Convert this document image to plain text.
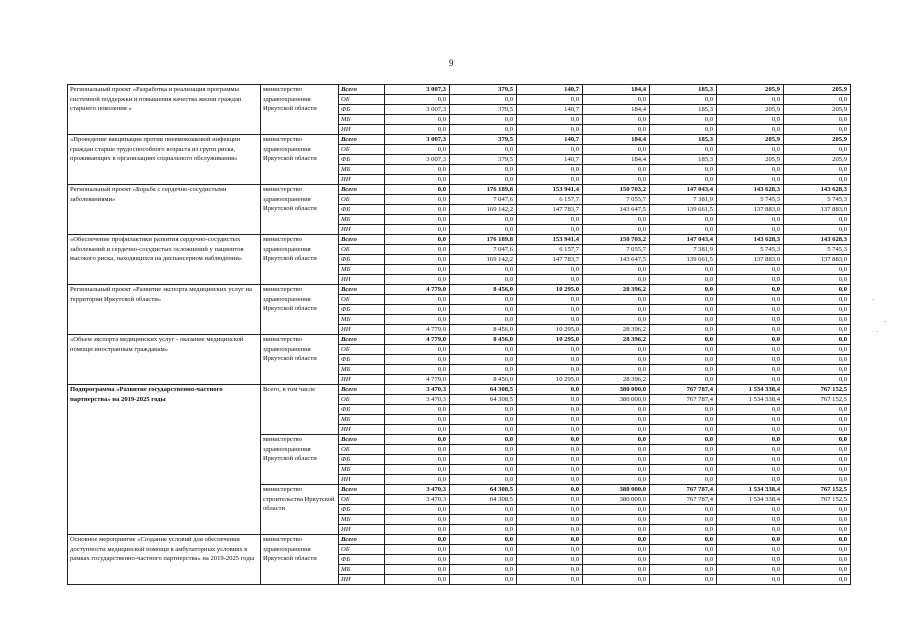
9
Региональный проект «Разработка и реализация программы системной поддержки и повышения качества жизни граждан старшего поколения »	министерство здравоохранения Иркутской области	Всего	3 007,3	379,5	140,7	184,4	185,3	205,9	205,9
		ОБ	0,0	0,0	0,0	0,0	0,0	0,0	0,0
		ФБ	3 007,3	379,5	140,7	184,4	185,3	205,9	205,9
		МБ	0,0	0,0	0,0	0,0	0,0	0,0	0,0
		ИИ	0,0	0,0	0,0	0,0	0,0	0,0	0,0
«Проведение вакцинации против пневмококковой инфекции граждан старше трудоспособного возраста из групп риска, проживающих в организациях социального обслуживания»	министерство здравоохранения Иркутской области	Всего	3 007,3	379,5	140,7	184,4	185,3	205,9	205,9
		ОБ	0,0	0,0	0,0	0,0	0,0	0,0	0,0
		ФБ	3 007,3	379,5	140,7	184,4	185,3	205,9	205,9
		МБ	0,0	0,0	0,0	0,0	0,0	0,0	0,0
		ИИ	0,0	0,0	0,0	0,0	0,0	0,0	0,0
Региональный проект «Борьба с сердечно-сосудистыми заболеваниями»	министерство здравоохранения Иркутской области	Всего	0,0	176 189,8	153 941,4	150 703,2	147 043,4	143 628,3	143 628,3
		ОБ	0,0	7 047,6	6 157,7	7 055,7	7 381,9	5 745,3	5 745,3
		ФБ	0,0	169 142,2	147 783,7	143 647,5	139 661,5	137 883,0	137 883,0
		МБ	0,0	0,0	0,0	0,0	0,0	0,0	0,0
		ИИ	0,0	0,0	0,0	0,0	0,0	0,0	0,0
«Обеспечение профилактики развития сердечно-сосудистых заболеваний и сердечно-сосудистых осложнений у пациентов высокого риска, находящихся на диспансерном наблюдении»	министерство здравоохранения Иркутской области	Всего	0,0	176 189,8	153 941,4	150 703,2	147 043,4	143 628,3	143 628,3
		ОБ	0,0	7 047,6	6 157,7	7 055,7	7 381,9	5 745,3	5 745,3
		ФБ	0,0	169 142,2	147 783,7	143 647,5	139 661,5	137 883,0	137 883,0
		МБ	0,0	0,0	0,0	0,0	0,0	0,0	0,0
		ИИ	0,0	0,0	0,0	0,0	0,0	0,0	0,0
Региональный проект «Развитие экспорта медицинских услуг на территории Иркутской области»	министерство здравоохранения Иркутской области	Всего	4 779,0	8 456,0	10 295,0	28 396,2	0,0	0,0	0,0
		ОБ	0,0	0,0	0,0	0,0	0,0	0,0	0,0
		ФБ	0,0	0,0	0,0	0,0	0,0	0,0	0,0
		МБ	0,0	0,0	0,0	0,0	0,0	0,0	0,0
		ИИ	4 779,0	8 456,0	10 295,0	28 396,2	0,0	0,0	0,0
«Объем экспорта медицинских услуг - оказание медицинской помощи иностранным гражданам»	министерство здравоохранения Иркутской области	Всего	4 779,0	8 456,0	10 295,0	28 396,2	0,0	0,0	0,0
		ОБ	0,0	0,0	0,0	0,0	0,0	0,0	0,0
		ФБ	0,0	0,0	0,0	0,0	0,0	0,0	0,0
		МБ	0,0	0,0	0,0	0,0	0,0	0,0	0,0
		ИИ	4 779,0	8 456,0	10 295,0	28 396,2	0,0	0,0	0,0
Подпрограмма «Развитие государственно-частного партнерства» на 2019-2025 годы	Всего, в том числе	Всего	3 470,3	64 308,5	0,0	380 000,0	767 787,4	1 534 338,4	767 152,5
		ОБ	3 470,3	64 308,5	0,0	380 000,0	767 787,4	1 534 338,4	767 152,5
		ФБ	0,0	0,0	0,0	0,0	0,0	0,0	0,0
		МБ	0,0	0,0	0,0	0,0	0,0	0,0	0,0
		ИИ	0,0	0,0	0,0	0,0	0,0	0,0	0,0
	министерство здравоохранения Иркутской области	Всего	0,0	0,0	0,0	0,0	0,0	0,0	0,0
		ОБ	0,0	0,0	0,0	0,0	0,0	0,0	0,0
		ФБ	0,0	0,0	0,0	0,0	0,0	0,0	0,0
		МБ	0,0	0,0	0,0	0,0	0,0	0,0	0,0
		ИИ	0,0	0,0	0,0	0,0	0,0	0,0	0,0
	министерство строительства Иркутской области	Всего	3 470,3	64 308,5	0,0	380 000,0	767 787,4	1 534 338,4	767 152,5
		ОБ	3 470,3	64 308,5	0,0	380 000,0	767 787,4	1 534 338,4	767 152,5
		ФБ	0,0	0,0	0,0	0,0	0,0	0,0	0,0
		МБ	0,0	0,0	0,0	0,0	0,0	0,0	0,0
		ИИ	0,0	0,0	0,0	0,0	0,0	0,0	0,0
Основное мероприятие «Создание условий для обеспечения доступности медицинской помощи в амбулаторных условиях в рамках государственно-частного партнерства» на 2019-2025 годы	министерство здравоохранения Иркутской области	Всего	0,0	0,0	0,0	0,0	0,0	0,0	0,0
		ОБ	0,0	0,0	0,0	0,0	0,0	0,0	0,0
		ФБ	0,0	0,0	0,0	0,0	0,0	0,0	0,0
		МБ	0,0	0,0	0,0	0,0	0,0	0,0	0,0
		ИИ	0,0	0,0	0,0	0,0	0,0	0,0	0,0
·
·
·
